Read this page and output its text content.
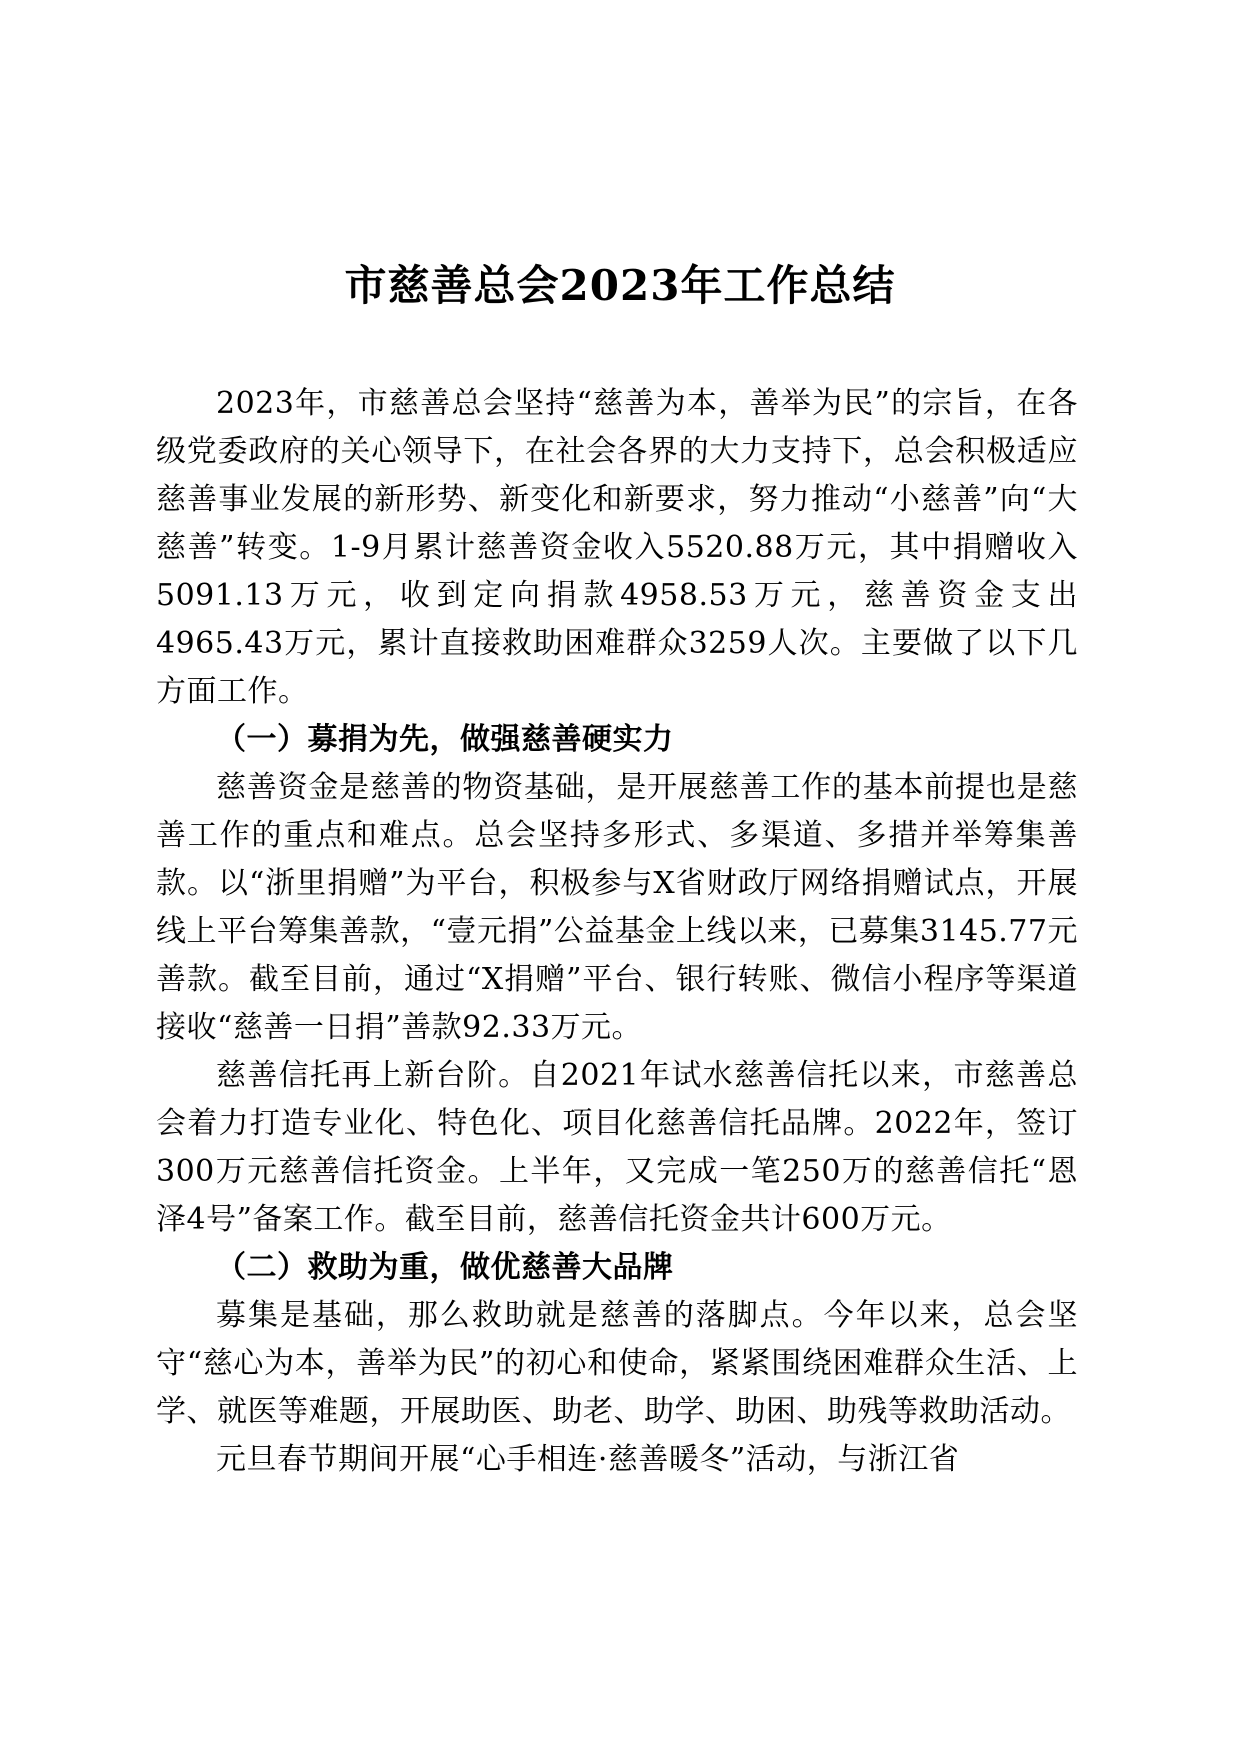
市慈善总会2023年工作总结

2023年，市慈善总会坚持“慈善为本，善举为民”的宗旨，在各级党委政府的关心领导下，在社会各界的大力支持下，总会积极适应慈善事业发展的新形势、新变化和新要求，努力推动“小慈善”向“大慈善”转变。1-9月累计慈善资金收入5520.88万元，其中捐赠收入5091.13万元，收到定向捐款4958.53万元，慈善资金支出4965.43万元，累计直接救助困难群众3259人次。主要做了以下几方面工作。

（一）募捐为先，做强慈善硬实力

慈善资金是慈善的物资基础，是开展慈善工作的基本前提也是慈善工作的重点和难点。总会坚持多形式、多渠道、多措并举筹集善款。以“浙里捐赠”为平台，积极参与X省财政厅网络捐赠试点，开展线上平台筹集善款，“壹元捐”公益基金上线以来，已募集3145.77元善款。截至目前，通过“X捐赠”平台、银行转账、微信小程序等渠道接收“慈善一日捐”善款92.33万元。

慈善信托再上新台阶。自2021年试水慈善信托以来，市慈善总会着力打造专业化、特色化、项目化慈善信托品牌。2022年，签订300万元慈善信托资金。上半年，又完成一笔250万的慈善信托“恩泽4号”备案工作。截至目前，慈善信托资金共计600万元。

（二）救助为重，做优慈善大品牌

募集是基础，那么救助就是慈善的落脚点。今年以来，总会坚守“慈心为本，善举为民”的初心和使命，紧紧围绕困难群众生活、上学、就医等难题，开展助医、助老、助学、助困、助残等救助活动。

元旦春节期间开展“心手相连·慈善暖冬”活动，与浙江省
